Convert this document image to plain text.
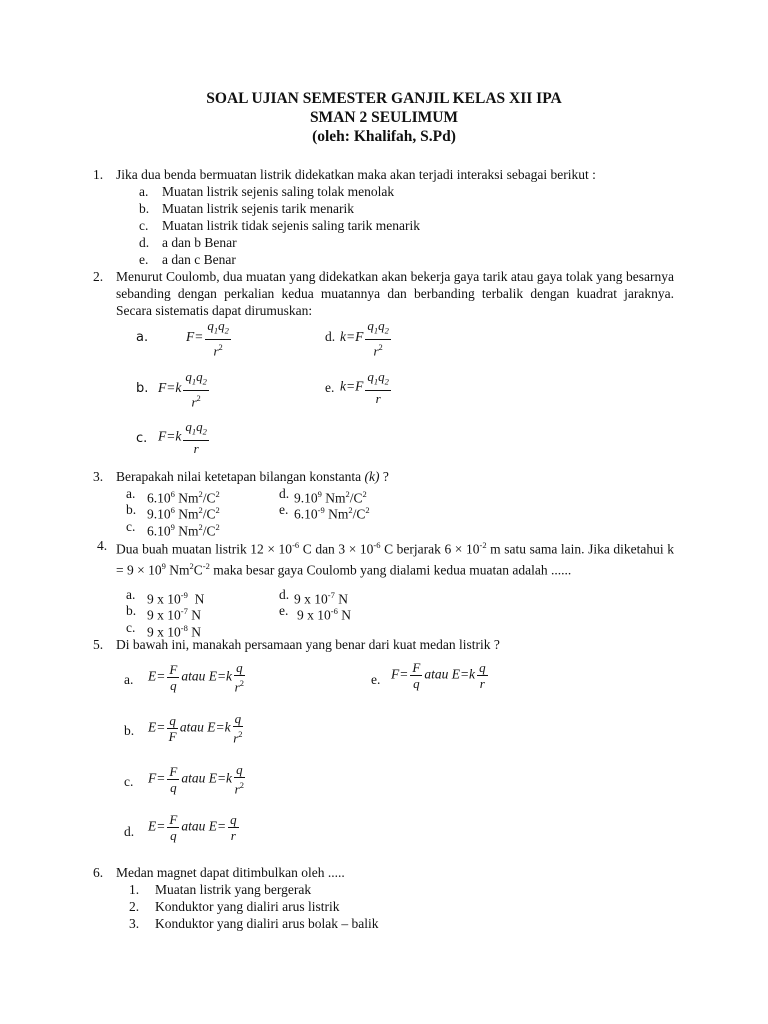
SOAL UJIAN SEMESTER GANJIL KELAS XII IPA
SMAN 2 SEULIMUM
(oleh: Khalifah, S.Pd)
1. Jika dua benda bermuatan listrik didekatkan maka akan terjadi interaksi sebagai berikut :
a. Muatan listrik sejenis saling tolak menolak
b. Muatan listrik sejenis tarik menarik
c. Muatan listrik tidak sejenis saling tarik menarik
d. a dan b Benar
e. a dan c Benar
2. Menurut Coulomb, dua muatan yang didekatkan akan bekerja gaya tarik atau gaya tolak yang besarnya sebanding dengan perkalian kedua muatannya dan berbanding terbalik dengan kuadrat jaraknya. Secara sistematis dapat dirumuskan:
a.	$F= \frac{q_1q_2}{r^2}$	d. $k=F \frac{q_1q_2}{r^2}$
b. $F=k \frac{q_1q_2}{r^2}$	e. $k=F \frac{q_1q_2}{r}$
c. $F=k \frac{q_1q_2}{r}$
3. Berapakah nilai ketetapan bilangan konstanta (k) ?
a. 6.10$^6$ $Nm^2/C^2$	d. 9.10$^9$ $Nm^2/C^2$
b. 9.10$^6$ $Nm^2/C^2$	e. $6.10^{-9}$ $Nm^2/C^2$
c. 6.10$^9$ $Nm^2/C^2$
4. Dua buah muatan listrik $12 \times 10^{-6}$ C dan $3 \times 10^{-6}$ C berjarak $6 \times 10^{-2}$ m satu sama lain. Jika diketahui $k = 9 \times 10^9$ $Nm^2C^{-2}$ maka besar gaya Coulomb yang dialami kedua muatan adalah ......
a. 9 x $10^{-9}$  N	d. 9 x $10^{-7}$ N
b. 9 x $10^{-7}$ N	e. 9 x $10^{-6}$ N
c. 9 x $10^{-8}$ N
5. Di bawah ini, manakah persamaan yang benar dari kuat medan listrik ?
a. $E= \frac{F}{q}$ atau $E=k \frac{q}{r^2}$	e. $F= \frac{F}{q}$ atau $E=k \frac{q}{r}$
b. $E= \frac{q}{F}$ atau $E=k \frac{q}{r^2}$
c. $F= \frac{F}{q}$ atau $E=k \frac{q}{r^2}$
d. $E= \frac{F}{q}$ atau $E= \frac{q}{r}$
6. Medan magnet dapat ditimbulkan oleh .....
1. Muatan listrik yang bergerak
2. Konduktor yang dialiri arus listrik
3. Konduktor yang dialiri arus bolak – balik
